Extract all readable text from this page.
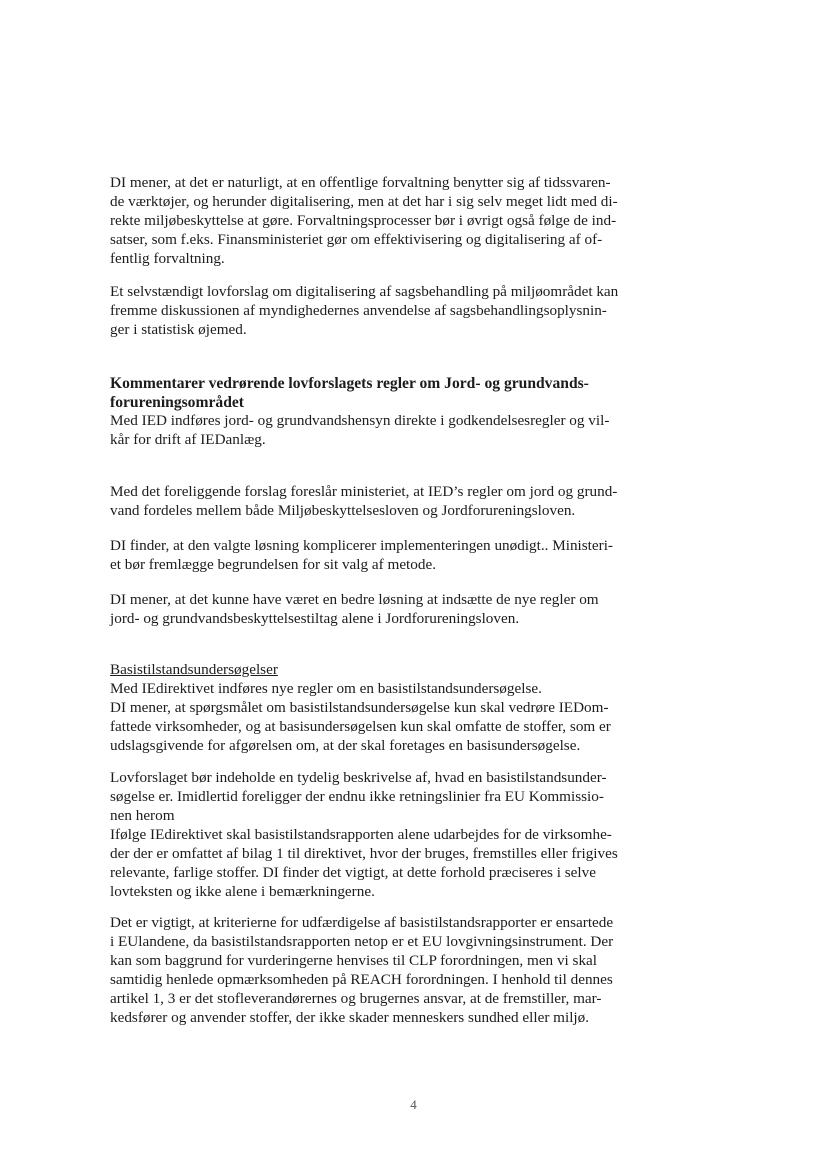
DI mener, at det er naturligt, at en offentlige forvaltning benytter sig af tidssvaren-

de værktøjer, og herunder digitalisering, men at det har i sig selv meget lidt med di-

rekte miljøbeskyttelse at gøre. Forvaltningsprocesser bør i øvrigt også følge de ind-

satser, som f.eks. Finansministeriet gør om effektivisering og digitalisering af of-

fentlig forvaltning.

Et selvstændigt lovforslag om digitalisering af sagsbehandling på miljøområdet kan

fremme diskussionen af myndighedernes anvendelse af sagsbehandlingsoplysnin-

ger i statistisk øjemed.

Kommentarer vedrørende lovforslagets regler om Jord- og grundvands-

forureningsområdet

Med IED indføres jord- og grundvandshensyn direkte i godkendelsesregler og vil-

kår for drift af IEDanlæg.

Med det foreliggende forslag foreslår ministeriet, at IED’s regler om jord og grund-

vand fordeles mellem både Miljøbeskyttelsesloven og Jordforureningsloven.

DI finder, at den valgte løsning komplicerer implementeringen unødigt.. Ministeri-

et bør fremlægge begrundelsen for sit valg af metode.

DI mener, at det kunne have været en bedre løsning at indsætte de nye regler om

jord- og grundvandsbeskyttelsestiltag alene i Jordforureningsloven.

Basistilstandsundersøgelser

Med IEdirektivet indføres nye regler om en basistilstandsundersøgelse.

DI mener, at spørgsmålet om basistilstandsundersøgelse kun skal vedrøre IEDom-

fattede virksomheder, og at basisundersøgelsen kun skal omfatte de stoffer, som er

udslagsgivende for afgørelsen om, at der skal foretages en basisundersøgelse.

Lovforslaget bør indeholde en tydelig beskrivelse af, hvad en basistilstandsunder-

søgelse er. Imidlertid foreligger der endnu ikke retningslinier fra EU Kommissio-

nen herom

Ifølge IEdirektivet skal basistilstandsrapporten alene udarbejdes for de virksomhe-

der der er omfattet af bilag 1 til direktivet, hvor der bruges, fremstilles eller frigives

relevante, farlige stoffer. DI finder det vigtigt, at dette forhold præciseres i selve

lovteksten og ikke alene i bemærkningerne.

Det er vigtigt, at kriterierne for udfærdigelse af basistilstandsrapporter er ensartede

i EUlandene, da basistilstandsrapporten netop er et EU lovgivningsinstrument. Der

kan som baggrund for vurderingerne henvises til CLP forordningen, men vi skal

samtidig henlede opmærksomheden på REACH forordningen. I henhold til dennes

artikel 1, 3 er det stofleverandørernes og brugernes ansvar, at de fremstiller, mar-

kedsfører og anvender stoffer, der ikke skader menneskers sundhed eller miljø.

4
